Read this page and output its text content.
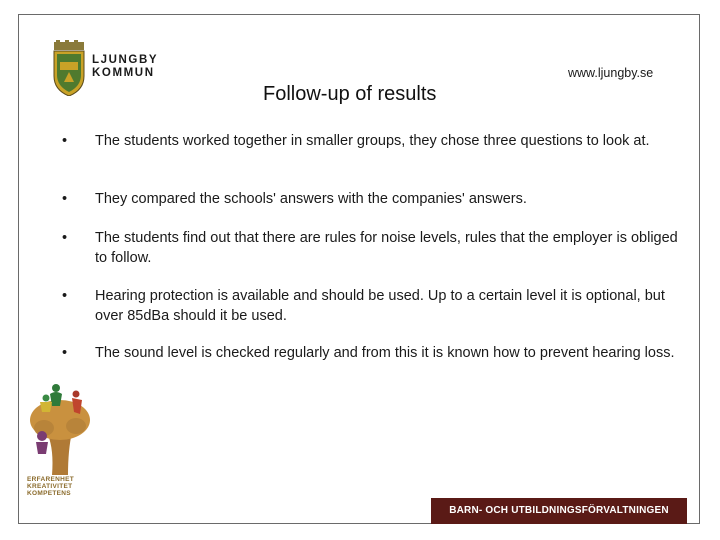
LJUNGBY
KOMMUN	www.ljungby.se
Follow-up of results
• The students worked together in smaller groups, they chose three questions to look at.
• They compared the schools' answers with the companies' answers.
• The students find out that there are rules for noise levels, rules that the employer is obliged to follow.
• Hearing protection is available and should be used. Up to a certain level it is optional, but over 85dBa should it be used.
• The sound level is checked regularly and from this it is known how to prevent hearing loss.
ERFARENHET
KREATIVITET
KOMPETENS
BARN- OCH UTBILDNINGSFÖRVALTNINGEN
